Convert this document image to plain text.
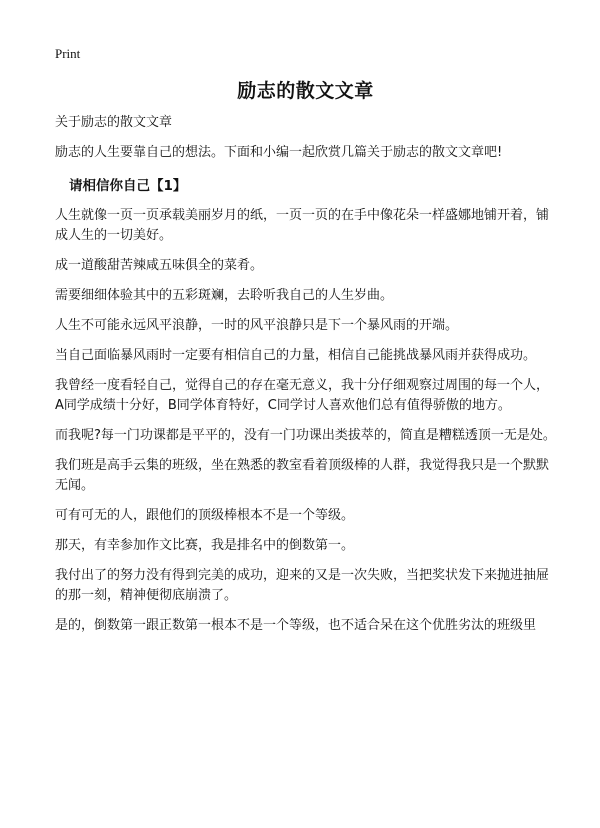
Print
励志的散文文章

关于励志的散文文章

励志的人生要靠自己的想法。下面和小编一起欣赏几篇关于励志的散文文章吧!

请相信你自己【1】

人生就像一页一页承载美丽岁月的纸，一页一页的在手中像花朵一样盛娜地铺开着，铺成人生的一切美好。

成一道酸甜苦辣咸五味俱全的菜肴。

需要细细体验其中的五彩斑斓，去聆听我自己的人生岁曲。

人生不可能永远风平浪静，一时的风平浪静只是下一个暴风雨的开端。

当自己面临暴风雨时一定要有相信自己的力量，相信自己能挑战暴风雨并获得成功。

我曾经一度看轻自己，觉得自己的存在毫无意义，我十分仔细观察过周围的每一个人，A同学成绩十分好，B同学体育特好，C同学讨人喜欢他们总有值得骄傲的地方。

而我呢?每一门功课都是平平的，没有一门功课出类拔萃的，简直是糟糕透顶一无是处。

我们班是高手云集的班级，坐在熟悉的教室看着顶级棒的人群，我觉得我只是一个默默无闻。

可有可无的人，跟他们的顶级棒根本不是一个等级。

那天，有幸参加作文比赛，我是排名中的倒数第一。

我付出了的努力没有得到完美的成功，迎来的又是一次失败，当把奖状发下来抛进抽屉的那一刻，精神便彻底崩溃了。

是的，倒数第一跟正数第一根本不是一个等级，也不适合呆在这个优胜劣汰的班级里
